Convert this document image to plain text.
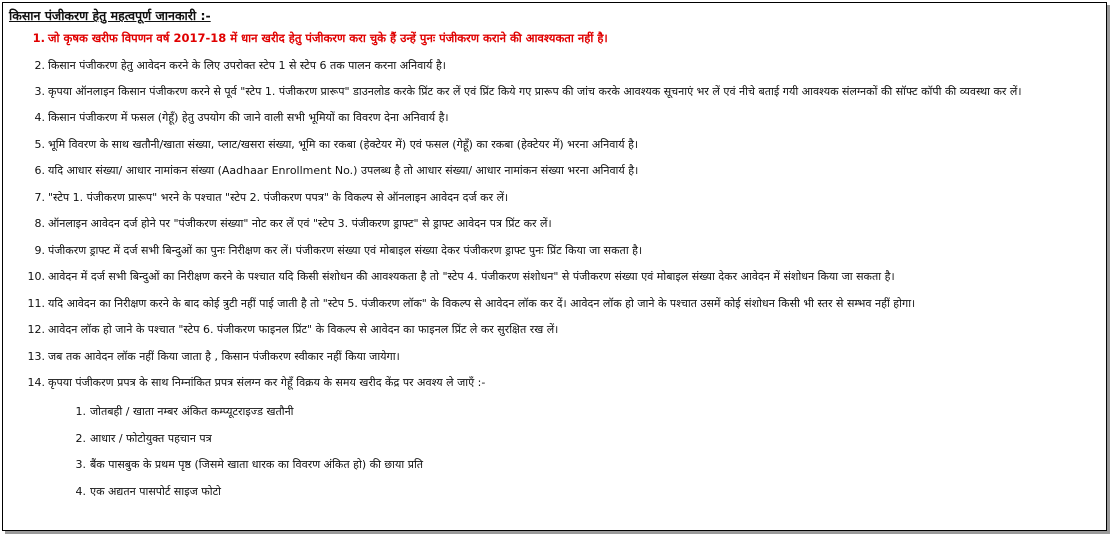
किसान पंजीकरण हेतु महत्वपूर्ण जानकारी :-
1. जो कृषक खरीफ विपणन वर्ष 2017-18 में धान खरीद हेतु पंजीकरण करा चुके हैं उन्हें पुनः पंजीकरण कराने की आवश्यकता नहीं है।
2. किसान पंजीकरण हेतु आवेदन करने के लिए उपरोक्त स्टेप 1 से स्टेप 6 तक पालन करना अनिवार्य है।
3. कृपया ऑनलाइन किसान पंजीकरण करने से पूर्व "स्टेप 1. पंजीकरण प्रारूप" डाउनलोड करके प्रिंट कर लें एवं प्रिंट किये गए प्रारूप की जांच करके आवश्यक सूचनाएं भर लें एवं नीचे बताई गयी आवश्यक संलग्नकों की सॉफ्ट कॉपी की व्यवस्था कर लें।
4. किसान पंजीकरण में फसल (गेहूँ) हेतु उपयोग की जाने वाली सभी भूमियों का विवरण देना अनिवार्य है।
5. भूमि विवरण के साथ खतौनी/खाता संख्या, प्लाट/खसरा संख्या, भूमि का रकबा (हेक्टेयर में) एवं फसल (गेहूँ) का रकबा (हेक्टेयर में) भरना अनिवार्य है।
6. यदि आधार संख्या/ आधार नामांकन संख्या (Aadhaar Enrollment No.) उपलब्ध है तो आधार संख्या/ आधार नामांकन संख्या भरना अनिवार्य है।
7. "स्टेप 1. पंजीकरण प्रारूप" भरने के पश्चात "स्टेप 2. पंजीकरण पपत्र" के विकल्प से ऑनलाइन आवेदन दर्ज कर लें।
8. ऑनलाइन आवेदन दर्ज होने पर "पंजीकरण संख्या" नोट कर लें एवं "स्टेप 3. पंजीकरण ड्राफ्ट" से ड्राफ्ट आवेदन पत्र प्रिंट कर लें।
9. पंजीकरण ड्राफ्ट में दर्ज सभी बिन्दुओं का पुनः निरीक्षण कर लें। पंजीकरण संख्या एवं मोबाइल संख्या देकर पंजीकरण ड्राफ्ट पुनः प्रिंट किया जा सकता है।
10. आवेदन में दर्ज सभी बिन्दुओं का निरीक्षण करने के पश्चात यदि किसी संशोधन की आवश्यकता है तो "स्टेप 4. पंजीकरण संशोधन" से पंजीकरण संख्या एवं मोबाइल संख्या देकर आवेदन में संशोधन किया जा सकता है।
11. यदि आवेदन का निरीक्षण करने के बाद कोई त्रुटी नहीं पाई जाती है तो "स्टेप 5. पंजीकरण लॉक" के विकल्प से आवेदन लॉक कर दें। आवेदन लॉक हो जाने के पश्चात उसमें कोई संशोधन किसी भी स्तर से सम्भव नहीं होगा।
12. आवेदन लॉक हो जाने के पश्चात "स्टेप 6. पंजीकरण फाइनल प्रिंट" के विकल्प से आवेदन का फाइनल प्रिंट ले कर सुरक्षित रख लें।
13. जब तक आवेदन लॉक नहीं किया जाता है , किसान पंजीकरण स्वीकार नहीं किया जायेगा।
14. कृपया पंजीकरण प्रपत्र के साथ निम्नांकित प्रपत्र संलग्न कर गेहूँ विक्रय के समय खरीद केंद्र पर अवश्य ले जाएँ :-
1. जोतबही / खाता नम्बर अंकित कम्प्यूटराइज्ड खतौनी
2. आधार / फोटोयुक्त पहचान पत्र
3. बैंक पासबुक के प्रथम पृष्ठ (जिसमे खाता धारक का विवरण अंकित हो) की छाया प्रति
4. एक अद्यतन पासपोर्ट साइज फोटो
